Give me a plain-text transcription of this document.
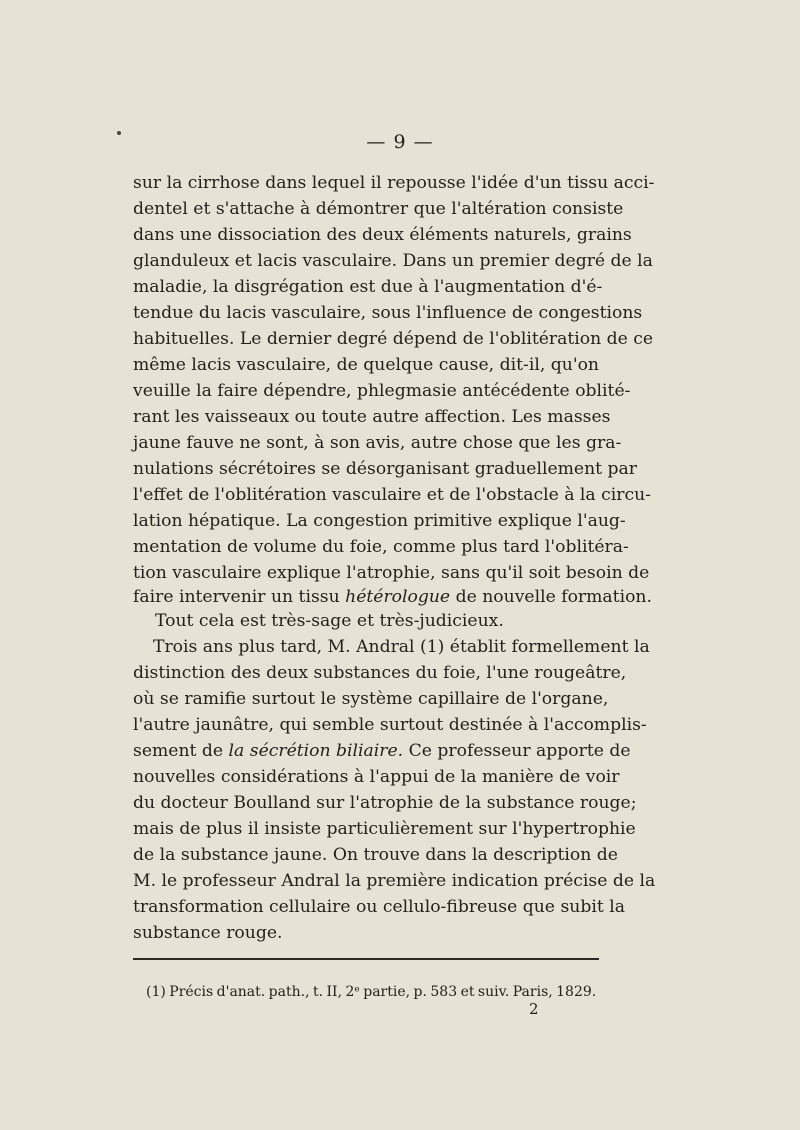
— 9 —
sur la cirrhose dans lequel il repousse l'idée d'un tissu acci-
dentel et s'attache à démontrer que l'altération consiste
dans une dissociation des deux éléments naturels, grains
glanduleux et lacis vasculaire. Dans un premier degré de la
maladie, la disgrégation est due à l'augmentation d'é-
tendue du lacis vasculaire, sous l'influence de congestions
habituelles. Le dernier degré dépend de l'oblitération de ce
même lacis vasculaire, de quelque cause, dit-il, qu'on
veuille la faire dépendre, phlegmasie antécédente oblité-
rant les vaisseaux ou toute autre affection. Les masses
jaune fauve ne sont, à son avis, autre chose que les gra-
nulations sécrétoires se désorganisant graduellement par
l'effet de l'oblitération vasculaire et de l'obstacle à la circu-
lation hépatique. La congestion primitive explique l'aug-
mentation de volume du foie, comme plus tard l'oblitéra-
tion vasculaire explique l'atrophie, sans qu'il soit besoin de
faire intervenir un tissu hétérologue de nouvelle formation.
Tout cela est très-sage et très-judicieux.
Trois ans plus tard, M. Andral (1) établit formellement la
distinction des deux substances du foie, l'une rougeâtre,
où se ramifie surtout le système capillaire de l'organe,
l'autre jaunâtre, qui semble surtout destinée à l'accomplis-
sement de la sécrétion biliaire. Ce professeur apporte de
nouvelles considérations à l'appui de la manière de voir
du docteur Boulland sur l'atrophie de la substance rouge;
mais de plus il insiste particulièrement sur l'hypertrophie
de la substance jaune. On trouve dans la description de
M. le professeur Andral la première indication précise de la
transformation cellulaire ou cellulo-fibreuse que subit la
substance rouge.
(1) Précis d'anat. path., t. II, 2ᵉ partie, p. 583 et suiv. Paris, 1829.
2
